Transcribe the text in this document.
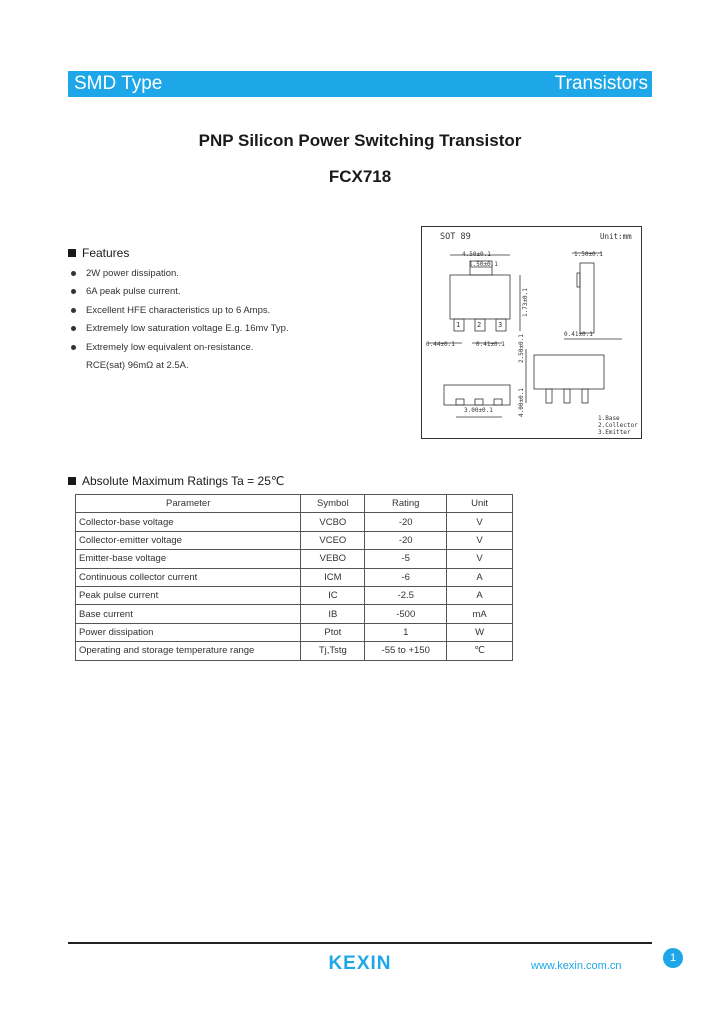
SMD Type	Transistors
PNP Silicon Power Switching Transistor
FCX718
Features
2W power dissipation.
6A peak pulse current.
Excellent HFE characteristics up to 6 Amps.
Extremely low saturation voltage E.g. 16mv Typ.
Extremely low equivalent on-resistance.
RCE(sat) 96mΩ at 2.5A.
SOT 89	Unit:mm
4.50±0.1
1.50±0.1
1.50±0.1
0.44±0.1	0.41±0.1
0.41±0.1
3.00±0.1
2.50±0.1
1.73±0.1
4.00±0.1
1 2 3
1.Base
2.Collector
3.Emitter
Absolute Maximum Ratings Ta = 25℃
Parameter	Symbol	Rating	Unit
Collector-base voltage	VCBO	-20	V
Collector-emitter voltage	VCEO	-20	V
Emitter-base voltage	VEBO	-5	V
Continuous collector current	ICM	-6	A
Peak pulse current	IC	-2.5	A
Base current	IB	-500	mA
Power dissipation	Ptot	1	W
Operating and storage temperature range	Tj,Tstg	-55 to +150	℃
KEXIN	www.kexin.com.cn
1
